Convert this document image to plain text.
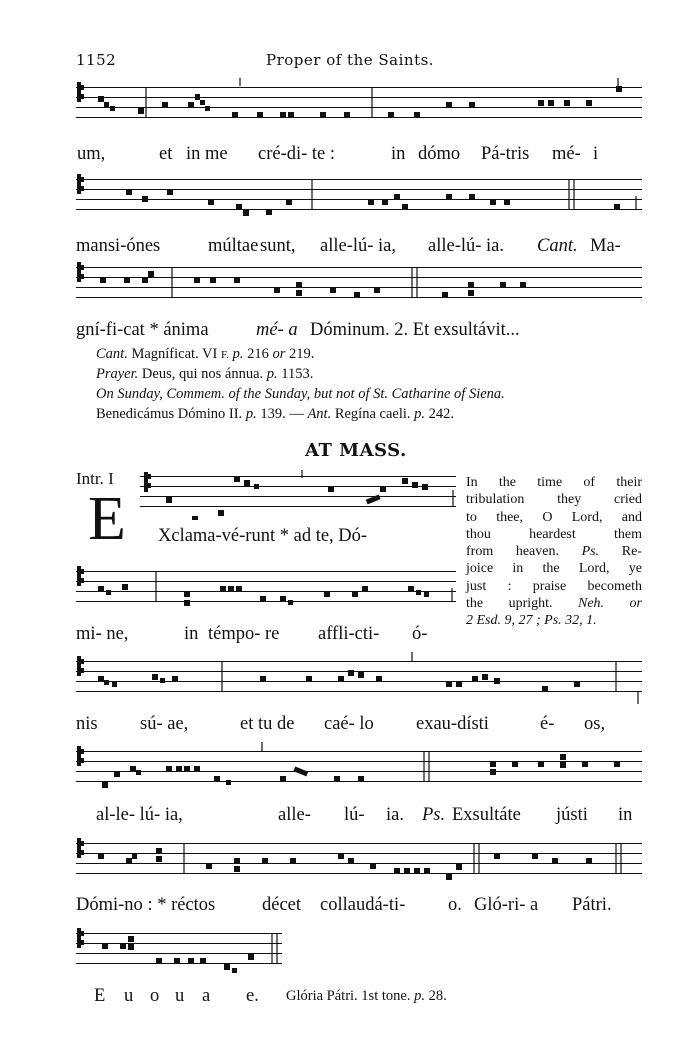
1152	Proper of the Saints.
um,	et in me cré-di- te :	in dómo Pá-tris mé- i
mansi-ónes	múltae sunt, alle-lú- ia, alle-lú- ia. Cant. Ma-
gní-fi-cat * ánima	mé- a Dóminum. 2. Et exsultávit...
Cant. Magníficat. VI F. p. 216 or 219.
Prayer. Deus, qui nos ánnua. p. 1153.
On Sunday, Commem. of the Sunday, but not of St. Catharine of Siena.
Benedicámus Dómino II. p. 139. — Ant. Regína caeli. p. 242.
AT MASS.
Intr. I
E Xclama-vé-runt * ad te, Dó-
In the time of their
tribulation they cried
to thee, O Lord, and
thou	heardest	them
from heaven. Ps. Re-
joice in the Lord, ye
just : praise becometh
the upright. Neh. or
2 Esd. 9, 27 ; Ps. 32, 1.
mi- ne,	in témpo- re affli-cti- ó-
nis sú- ae,	et tu de caé- lo exau-dísti	é- os,
al-le- lú- ia,	alle- lú- ia. Ps. Exsultáte jústi in
Dómi-no : * réctos	décet collaudá-ti- o. Gló-ri- a Pátri.
E u o u a e. Glória Pátri. 1st tone. p. 28.
